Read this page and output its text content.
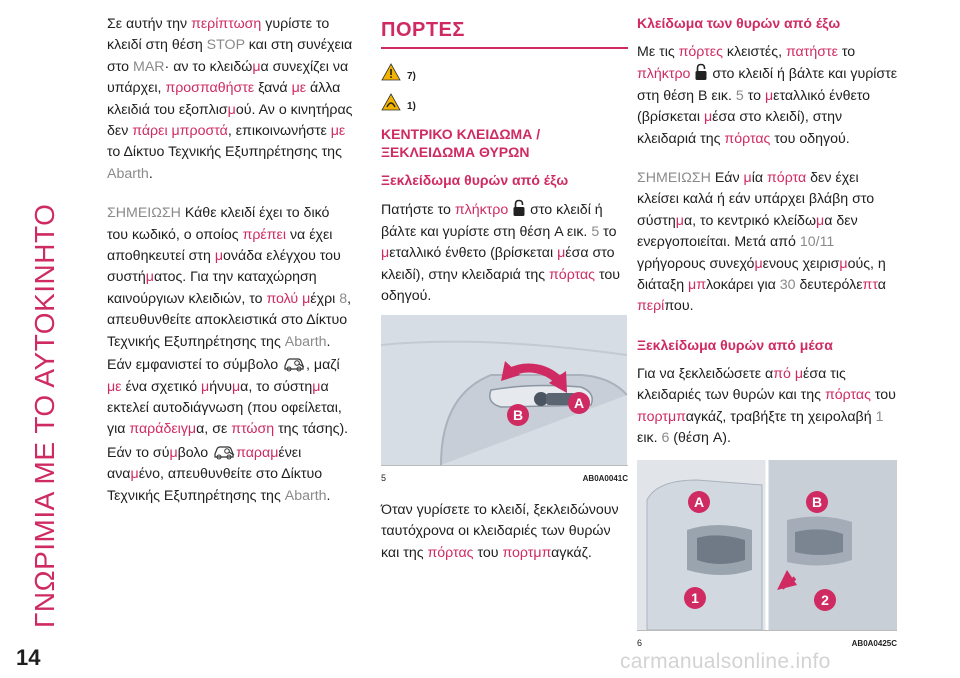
ΓΝΩΡΙΜΙΑ ΜΕ ΤΟ ΑΥΤΟΚΙΝΗΤΟ

Σε αυτήν την περίπτωση γυρίστε το κλειδί στη θέση STOP και στη συνέχεια στο MAR· αν το κλειδώμα συνεχίζει να υπάρχει, προσπαθήστε ξανά με άλλα κλειδιά του εξοπλισμού. Αν ο κινητήρας δεν πάρει μπροστά, επικοινωνήστε με το Δίκτυο Τεχνικής Εξυπηρέτησης της Abarth.

ΣΗΜΕΙΩΣΗ Κάθε κλειδί έχει το δικό του κωδικό, ο οποίος πρέπει να έχει αποθηκευτεί στη μονάδα ελέγχου του συστήματος. Για την καταχώρηση καινούργιων κλειδιών, το πολύ μέχρι 8, απευθυνθείτε αποκλειστικά στο Δίκτυο Τεχνικής Εξυπηρέτησης της Abarth. Εάν εμφανιστεί το σύμβολο , μαζί με ένα σχετικό μήνυμα, το σύστημα εκτελεί αυτοδιάγνωση (που οφείλεται, για παράδειγμα, σε πτώση της τάσης). Εάν το σύμβολο παραμένει αναμένο, απευθυνθείτε στο Δίκτυο Τεχνικής Εξυπηρέτησης της Abarth.

ΠΟΡΤΕΣ
7)
1)
ΚΕΝΤΡΙΚΟ ΚΛΕΙΔΩΜΑ / ΞΕΚΛΕΙΔΩΜΑ ΘΥΡΩΝ
Ξεκλείδωμα θυρών από έξω

Πατήστε το πλήκτρο  στο κλειδί ή βάλτε και γυρίστε στη θέση A εικ. 5 το μεταλλικό ένθετο (βρίσκεται μέσα στο κλειδί), στην κλειδαριά της πόρτας του οδηγού.

B
A
5	AB0A0041C

Όταν γυρίσετε το κλειδί, ξεκλειδώνουν ταυτόχρονα οι κλειδαριές των θυρών και της πόρτας του πορτμπαγκάζ.

Κλείδωμα των θυρών από έξω

Με τις πόρτες κλειστές, πατήστε το πλήκτρο  στο κλειδί ή βάλτε και γυρίστε στη θέση B εικ. 5 το μεταλλικό ένθετο (βρίσκεται μέσα στο κλειδί), στην κλειδαριά της πόρτας του οδηγού.

ΣΗΜΕΙΩΣΗ Εάν μία πόρτα δεν έχει κλείσει καλά ή εάν υπάρχει βλάβη στο σύστημα, το κεντρικό κλείδωμα δεν ενεργοποιείται. Μετά από 10/11 γρήγορους συνεχόμενους χειρισμούς, η διάταξη μπλοκάρει για 30 δευτερόλεπτα περίπου.

Ξεκλείδωμα θυρών από μέσα

Για να ξεκλειδώσετε από μέσα τις κλειδαριές των θυρών και της πόρτας του πορτμπαγκάζ, τραβήξτε τη χειρολαβή 1 εικ. 6 (θέση A).

A	B
1	2
6	AB0A0425C
14	carmanualsonline.info
